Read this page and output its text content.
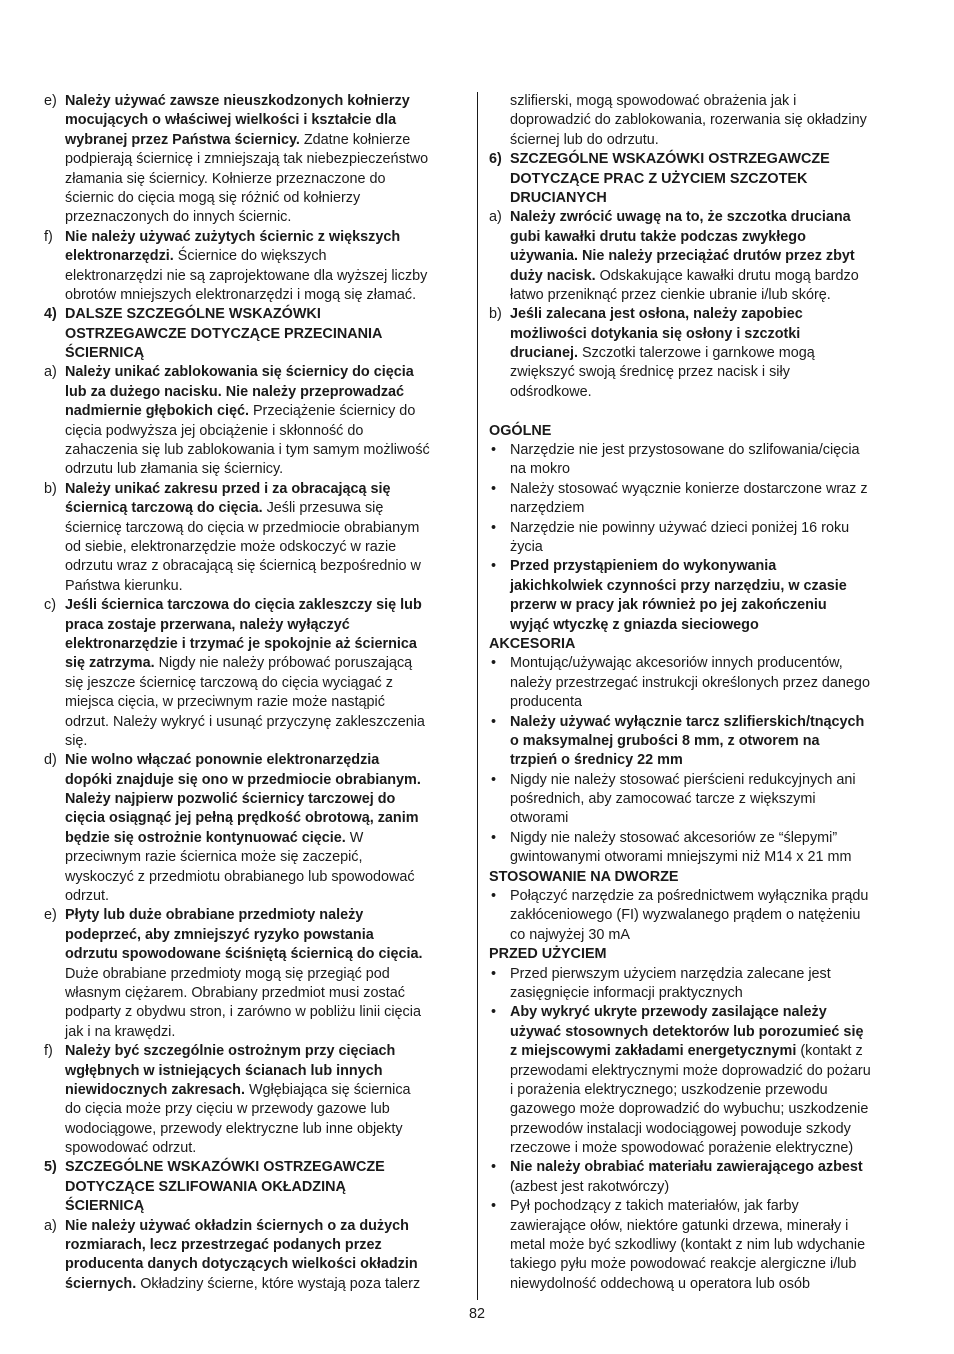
e) Należy używać zawsze nieuszkodzonych kołnierzy
mocujących o właściwej wielkości i kształcie dla
wybranej przez Państwa ściernicy. Zdatne kołnierze
podpierają ściernicę i zmniejszają tak niebezpieczeństwo
złamania się ściernicy. Kołnierze przeznaczone do
ściernic do cięcia mogą się różnić od kołnierzy
przeznaczonych do innych ściernic.
f) Nie należy używać zużytych ściernic z większych
elektronarzędzi. Ściernice do większych
elektronarzędzi nie są zaprojektowane dla wyższej liczby
obrotów mniejszych elektronarzędzi i mogą się złamać.
4) DALSZE SZCZEGÓLNE WSKAZÓWKI
OSTRZEGAWCZE DOTYCZĄCE PRZECINANIA
ŚCIERNICĄ
a) Należy unikać zablokowania się ściernicy do cięcia
lub za dużego nacisku. Nie należy przeprowadzać
nadmiernie głębokich cięć. Przeciążenie ściernicy do
cięcia podwyższa jej obciążenie i skłonność do
zahaczenia się lub zablokowania i tym samym możliwość
odrzutu lub złamania się ściernicy.
b) Należy unikać zakresu przed i za obracającą się
ściernicą tarczową do cięcia. Jeśli przesuwa się
ściernicę tarczową do cięcia w przedmiocie obrabianym
od siebie, elektronarzędzie może odskoczyć w razie
odrzutu wraz z obracającą się ściernicą bezpośrednio w
Państwa kierunku.
c) Jeśli ściernica tarczowa do cięcia zakleszczy się lub
praca zostaje przerwana, należy wyłączyć
elektronarzędzie i trzymać je spokojnie aż ściernica
się zatrzyma. Nigdy nie należy próbować poruszającą
się jeszcze ściernicę tarczową do cięcia wyciągać z
miejsca cięcia, w przeciwnym razie może nastąpić
odrzut. Należy wykryć i usunąć przyczynę zakleszczenia
się.
d) Nie wolno włączać ponownie elektronarzędzia
dopóki znajduje się ono w przedmiocie obrabianym.
Należy najpierw pozwolić ściernicy tarczowej do
cięcia osiągnąć jej pełną prędkość obrotową, zanim
będzie się ostrożnie kontynuować cięcie. W
przeciwnym razie ściernica może się zaczepić,
wyskoczyć z przedmiotu obrabianego lub spowodować
odrzut.
e) Płyty lub duże obrabiane przedmioty należy
podeprzeć, aby zmniejszyć ryzyko powstania
odrzutu spowodowane ściśniętą ściernicą do cięcia.
Duże obrabiane przedmioty mogą się przegiąć pod
własnym ciężarem. Obrabiany przedmiot musi zostać
podparty z obydwu stron, i zarówno w pobliżu linii cięcia
jak i na krawędzi.
f) Należy być szczególnie ostrożnym przy cięciach
wgłębnych w istniejących ścianach lub innych
niewidocznych zakresach. Wgłębiająca się ściernica
do cięcia może przy cięciu w przewody gazowe lub
wodociągowe, przewody elektryczne lub inne objekty
spowodować odrzut.
5) SZCZEGÓLNE WSKAZÓWKI OSTRZEGAWCZE
DOTYCZĄCE SZLIFOWANIA OKŁADZINĄ
ŚCIERNICĄ
a) Nie należy używać okładzin ściernych o za dużych
rozmiarach, lecz przestrzegać podanych przez
producenta danych dotyczących wielkości okładzin
ściernych. Okładziny ścierne, które wystają poza talerz
szlifierski, mogą spowodować obrażenia jak i
doprowadzić do zablokowania, rozerwania się okładziny
ściernej lub do odrzutu.
6) SZCZEGÓLNE WSKAZÓWKI OSTRZEGAWCZE
DOTYCZĄCE PRAC Z UŻYCIEM SZCZOTEK
DRUCIANYCH
a) Należy zwrócić uwagę na to, że szczotka druciana
gubi kawałki drutu także podczas zwykłego
używania. Nie należy przeciążać drutów przez zbyt
duży nacisk. Odskakujące kawałki drutu mogą bardzo
łatwo przeniknąć przez cienkie ubranie i/lub skórę.
b) Jeśli zalecana jest osłona, należy zapobiec
możliwości dotykania się osłony i szczotki
drucianej. Szczotki talerzowe i garnkowe mogą
zwiększyć swoją średnicę przez nacisk i siły
odśrodkowe.
OGÓLNE
• Narzędzie nie jest przystosowane do szlifowania/cięcia
na mokro
• Należy stosować wyącznie konierze dostarczone wraz z
narzędziem
• Narzędzie nie powinny używać dzieci poniżej 16 roku
życia
• Przed przystąpieniem do wykonywania
jakichkolwiek czynności przy narzędziu, w czasie
przerw w pracy jak również po jej zakończeniu
wyjąć wtyczkę z gniazda sieciowego
AKCESORIA
• Montując/używając akcesoriów innych producentów,
należy przestrzegać instrukcji określonych przez danego
producenta
• Należy używać wyłącznie tarcz szlifierskich/tnących
o maksymalnej grubości 8 mm, z otworem na
trzpień o średnicy 22 mm
• Nigdy nie należy stosować pierścieni redukcyjnych ani
pośrednich, aby zamocować tarcze z większymi
otworami
• Nigdy nie należy stosować akcesoriów ze “ślepymi”
gwintowanymi otworami mniejszymi niż M14 x 21 mm
STOSOWANIE NA DWORZE
• Połączyć narzędzie za pośrednictwem wyłącznika prądu
zakłóceniowego (FI) wyzwalanego prądem o natężeniu
co najwyżej 30 mA
PRZED UŻYCIEM
• Przed pierwszym użyciem narzędzia zalecane jest
zasięgnięcie informacji praktycznych
• Aby wykryć ukryte przewody zasilające należy
używać stosownych detektorów lub porozumieć się
z miejscowymi zakładami energetycznymi (kontakt z
przewodami elektrycznymi może doprowadzić do pożaru
i porażenia elektrycznego; uszkodzenie przewodu
gazowego może doprowadzić do wybuchu; uszkodzenie
przewodów instalacji wodociągowej powoduje szkody
rzeczowe i może spowodować porażenie elektryczne)
• Nie należy obrabiać materiału zawierającego azbest
(azbest jest rakotwórczy)
• Pył pochodzący z takich materiałów, jak farby
zawierające ołów, niektóre gatunki drzewa, minerały i
metal może być szkodliwy (kontakt z nim lub wdychanie
takiego pyłu może powodować reakcje alergiczne i/lub
niewydolność oddechową u operatora lub osób
82
